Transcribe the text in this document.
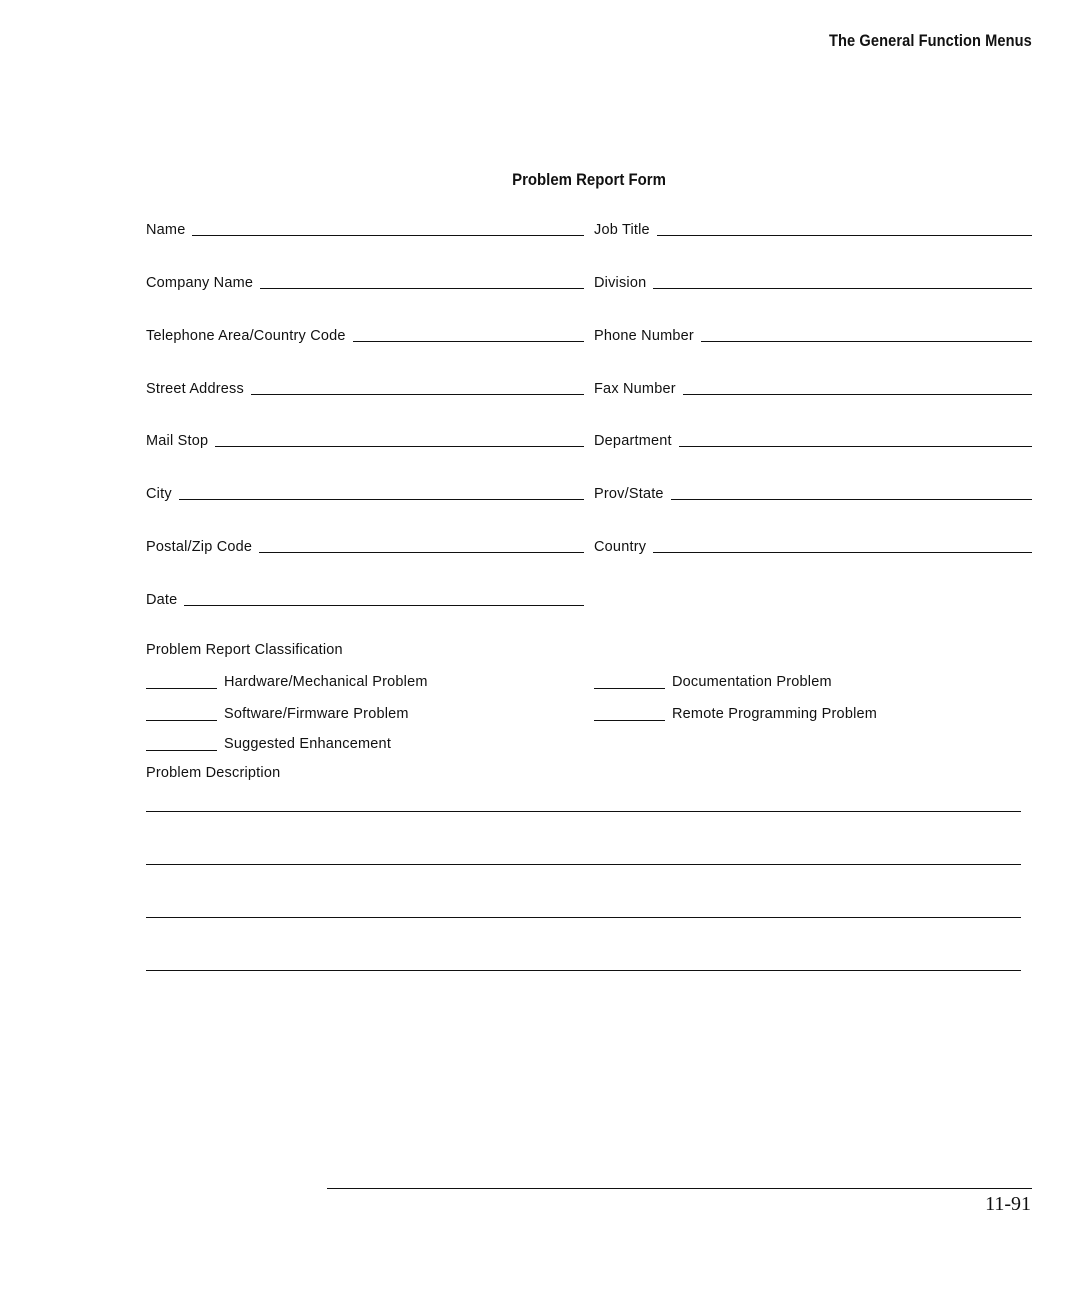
The General Function Menus
Problem Report Form
Name
Company Name
Telephone Area/Country Code
Street Address
Mail Stop
City
Postal/Zip Code
Date
Job Title
Division
Phone Number
Fax Number
Department
Prov/State
Country
Problem Report Classification
Hardware/Mechanical Problem	Documentation Problem
Software/Firmware Problem	Remote Programming Problem
Suggested Enhancement
Problem Description
11-91
